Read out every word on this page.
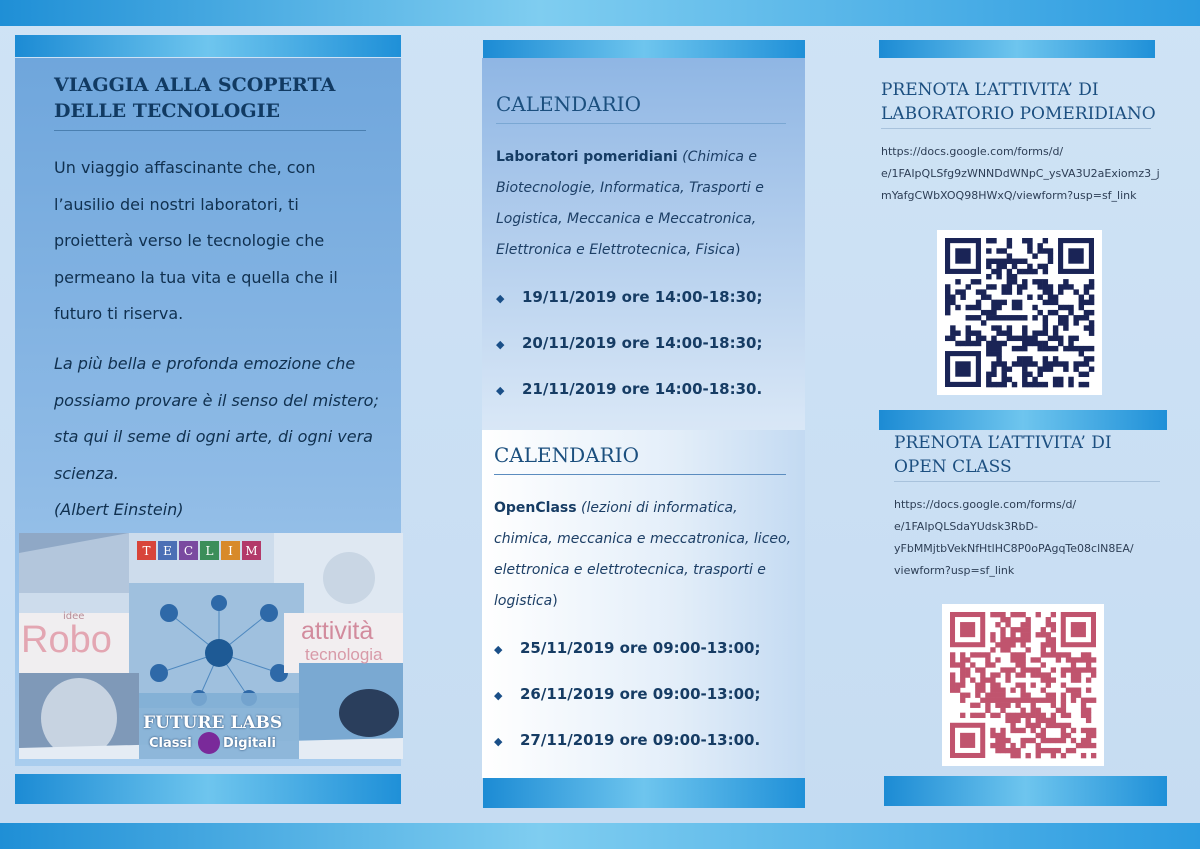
VIAGGIA ALLA SCOPERTA DELLE TECNOLOGIE

Un viaggio affascinante che, con l’ausilio dei nostri laboratori, ti proietterà verso le tecnologie che permeano la tua vita e quella che il futuro ti riserva.

La più bella e profonda emozione che possiamo provare è il senso del mistero; sta qui il seme di ogni arte, di ogni vera scienza.
(Albert Einstein)

T	E	C	L	I	M
Robo
idee
attività
tecnologia
FUTURE LABS
Classi Digitali
CALENDARIO

Laboratori pomeridiani (Chimica e Biotecnologie, Informatica, Trasporti e Logistica, Meccanica e Meccatronica, Elettronica e Elettrotecnica, Fisica)

◆ 19/11/2019 ore 14:00-18:30;
◆ 20/11/2019 ore 14:00-18:30;
◆ 21/11/2019 ore 14:00-18:30.
CALENDARIO

OpenClass (lezioni di informatica, chimica, meccanica e meccatronica, liceo, elettronica e elettrotecnica, trasporti e logistica)

◆ 25/11/2019 ore 09:00-13:00;
◆ 26/11/2019 ore 09:00-13:00;
◆ 27/11/2019 ore 09:00-13:00.
PRENOTA L’ATTIVITA’ DI
LABORATORIO POMERIDIANO

https://docs.google.com/forms/d/
e/1FAIpQLSfg9zWNNDdWNpC_ysVA3U2aExiomz3_j
mYafgCWbXOQ98HWxQ/viewform?usp=sf_link

PRENOTA L’ATTIVITA’ DI
OPEN CLASS

https://docs.google.com/forms/d/
e/1FAIpQLSdaYUdsk3RbD-
yFbMMjtbVekNfHtlHC8P0oPAgqTe08clN8EA/
viewform?usp=sf_link
